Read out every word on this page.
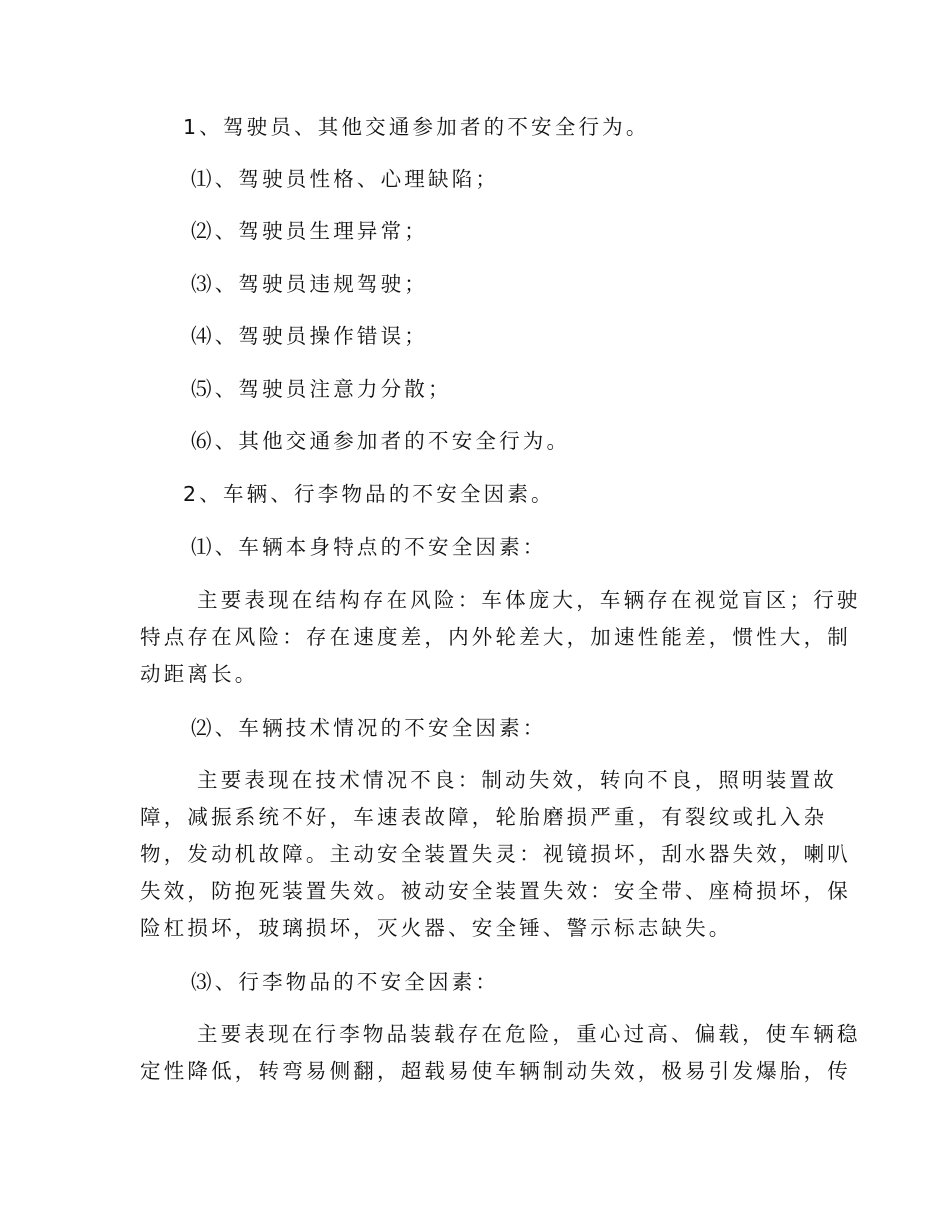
1、驾驶员、其他交通参加者的不安全行为。
⑴、驾驶员性格、心理缺陷；
⑵、驾驶员生理异常；
⑶、驾驶员违规驾驶；
⑷、驾驶员操作错误；
⑸、驾驶员注意力分散；
⑹、其他交通参加者的不安全行为。
2、车辆、行李物品的不安全因素。
⑴、车辆本身特点的不安全因素：
主要表现在结构存在风险：车体庞大，车辆存在视觉盲区；行驶
特点存在风险：存在速度差，内外轮差大，加速性能差，惯性大，制
动距离长。
⑵、车辆技术情况的不安全因素：
主要表现在技术情况不良：制动失效，转向不良，照明装置故
障，减振系统不好，车速表故障，轮胎磨损严重，有裂纹或扎入杂
物，发动机故障。主动安全装置失灵：视镜损坏，刮水器失效，喇叭
失效，防抱死装置失效。被动安全装置失效：安全带、座椅损坏，保
险杠损坏，玻璃损坏，灭火器、安全锤、警示标志缺失。
⑶、行李物品的不安全因素：
主要表现在行李物品装载存在危险，重心过高、偏载，使车辆稳
定性降低，转弯易侧翻，超载易使车辆制动失效，极易引发爆胎，传
